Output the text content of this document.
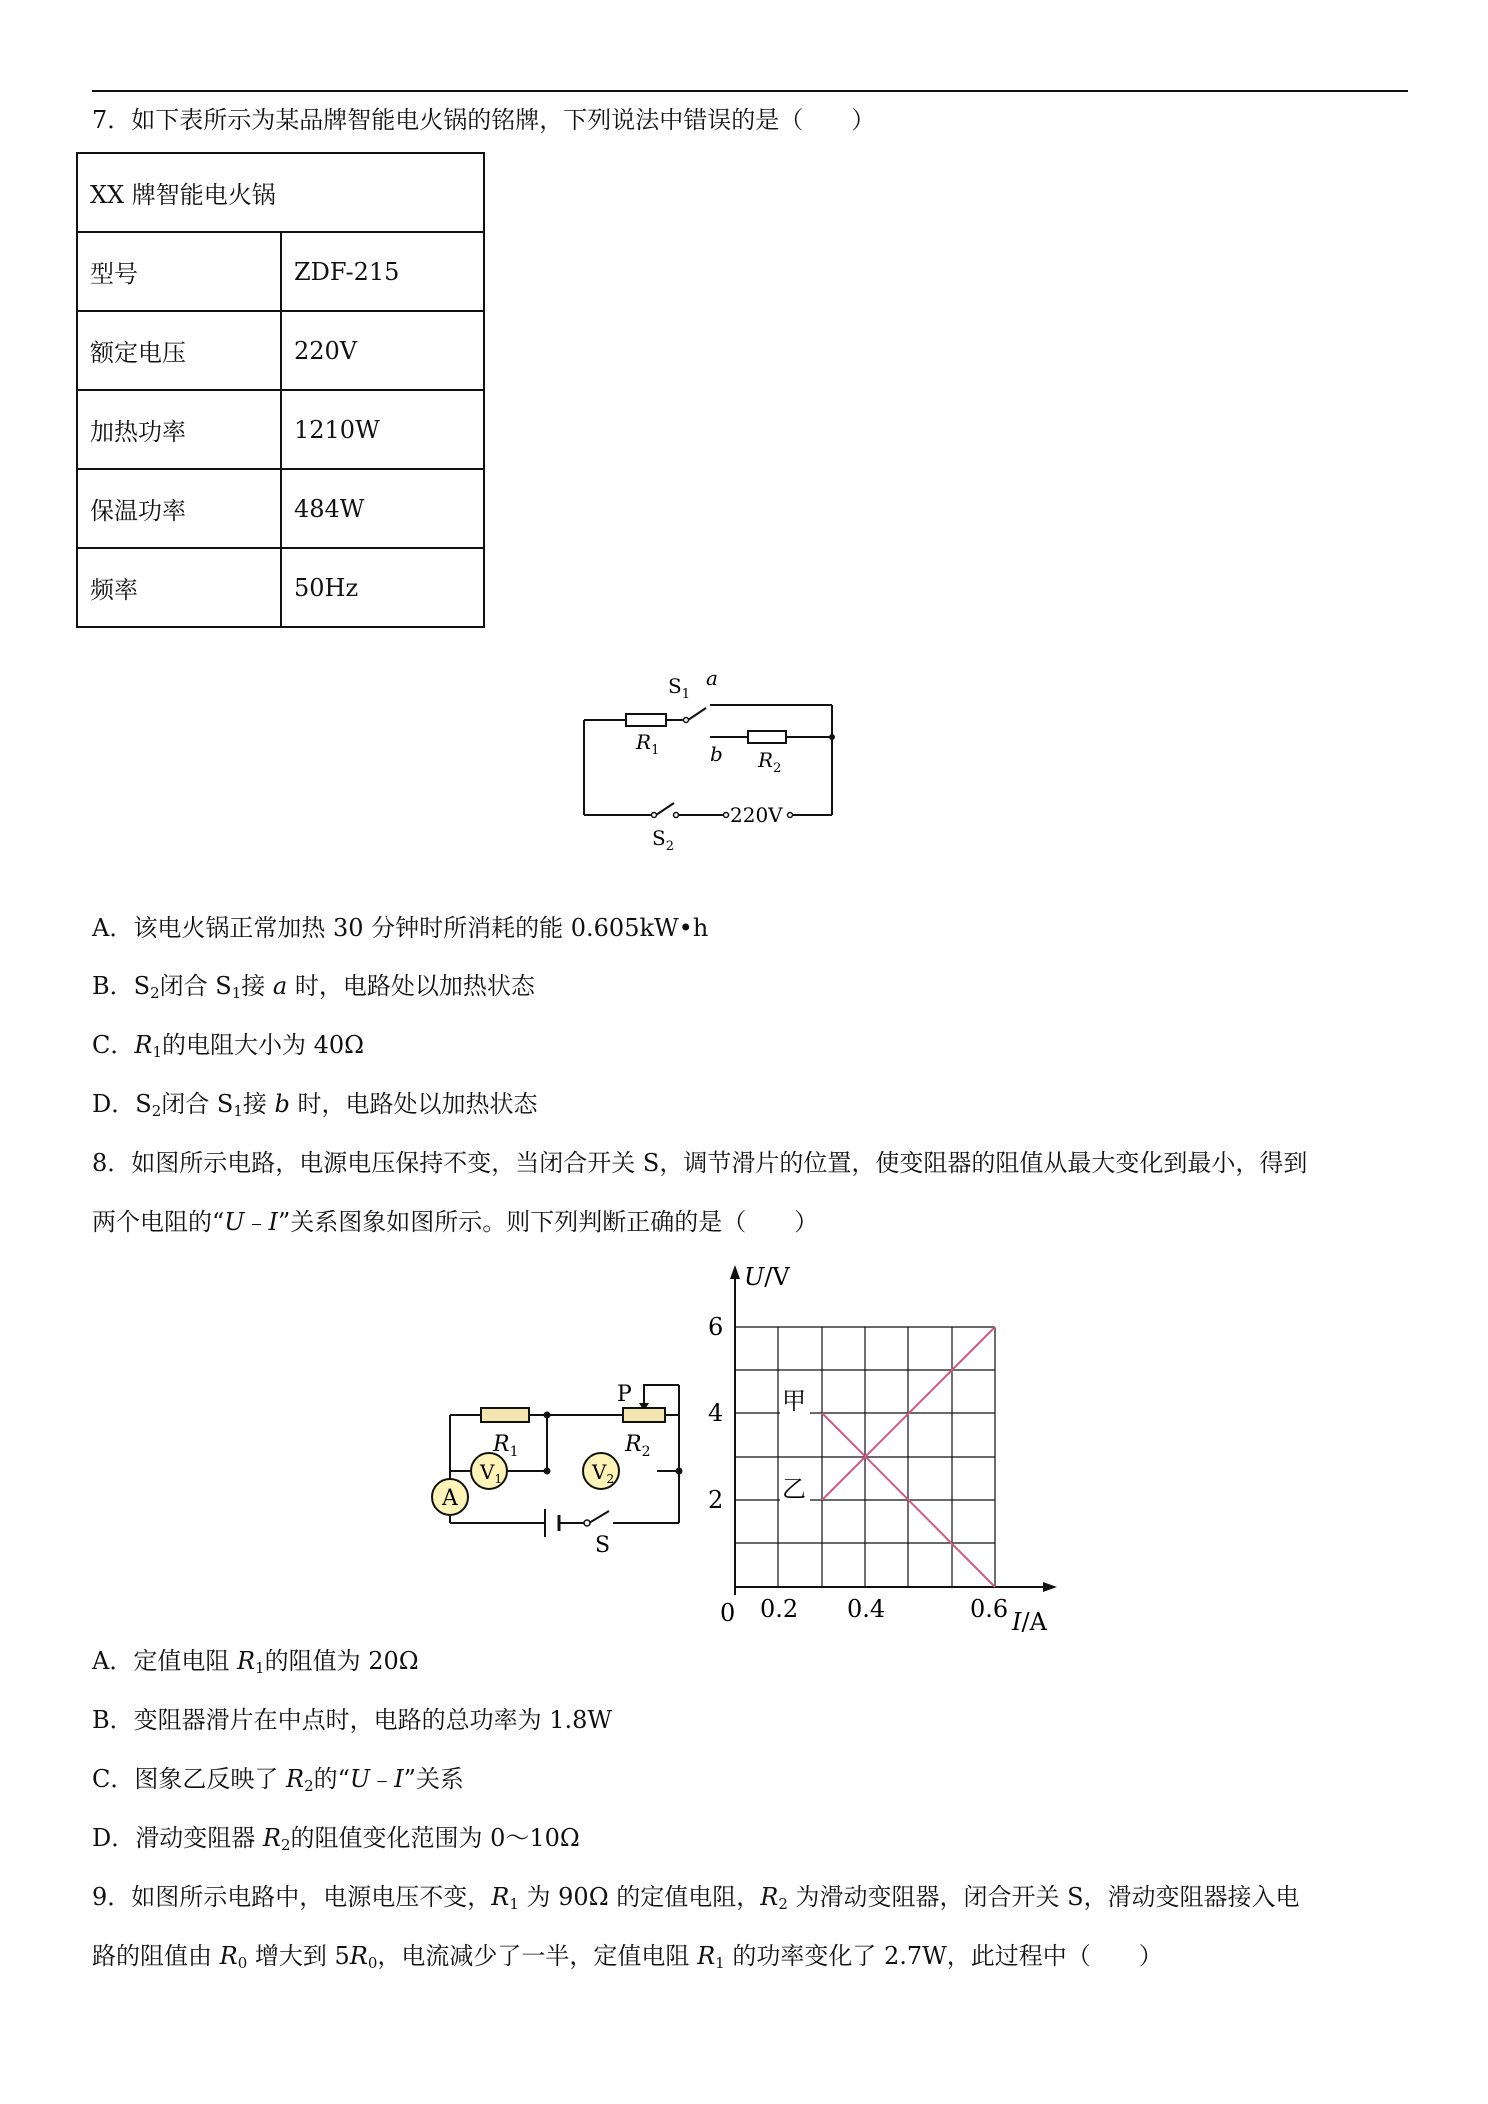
7．如下表所示为某品牌智能电火锅的铭牌，下列说法中错误的是（　　）
XX 牌智能电火锅	
型号	ZDF-215
额定电压	220V
加热功率	1210W
保温功率	484W
频率	50Hz
$S_1$
a
b
$R_1$	$R_2$
$S_2$
220V
A．该电火锅正常加热 30 分钟时所消耗的能 0.605kW•h
B．$S_2$闭合 $S_1$接 a 时，电路处以加热状态
C．$R_1$的电阻大小为 40Ω
D．$S_2$闭合 $S_1$接 b 时，电路处以加热状态
8．如图所示电路，电源电压保持不变，当闭合开关 S，调节滑片的位置，使变阻器的阻值从最大变化到最小，得到
两个电阻的“U﹣I”关系图象如图所示。则下列判断正确的是（　　）
P
$R_1$	$R_2$
$V_1$	$V_2$
A
S
U/V
I/A
0
2
4
6
0.2 0.4	0.6
甲
乙
A．定值电阻 $R_1$的阻值为 20Ω
B．变阻器滑片在中点时，电路的总功率为 1.8W
C．图象乙反映了 $R_2$的“U﹣I”关系
D．滑动变阻器 $R_2$的阻值变化范围为 0～10Ω
9．如图所示电路中，电源电压不变，$R_1$ 为 90Ω 的定值电阻，$R_2$ 为滑动变阻器，闭合开关 S，滑动变阻器接入电
路的阻值由 $R_0$ 增大到 $5R_0$，电流减少了一半，定值电阻 $R_1$ 的功率变化了 2.7W，此过程中（　　）
